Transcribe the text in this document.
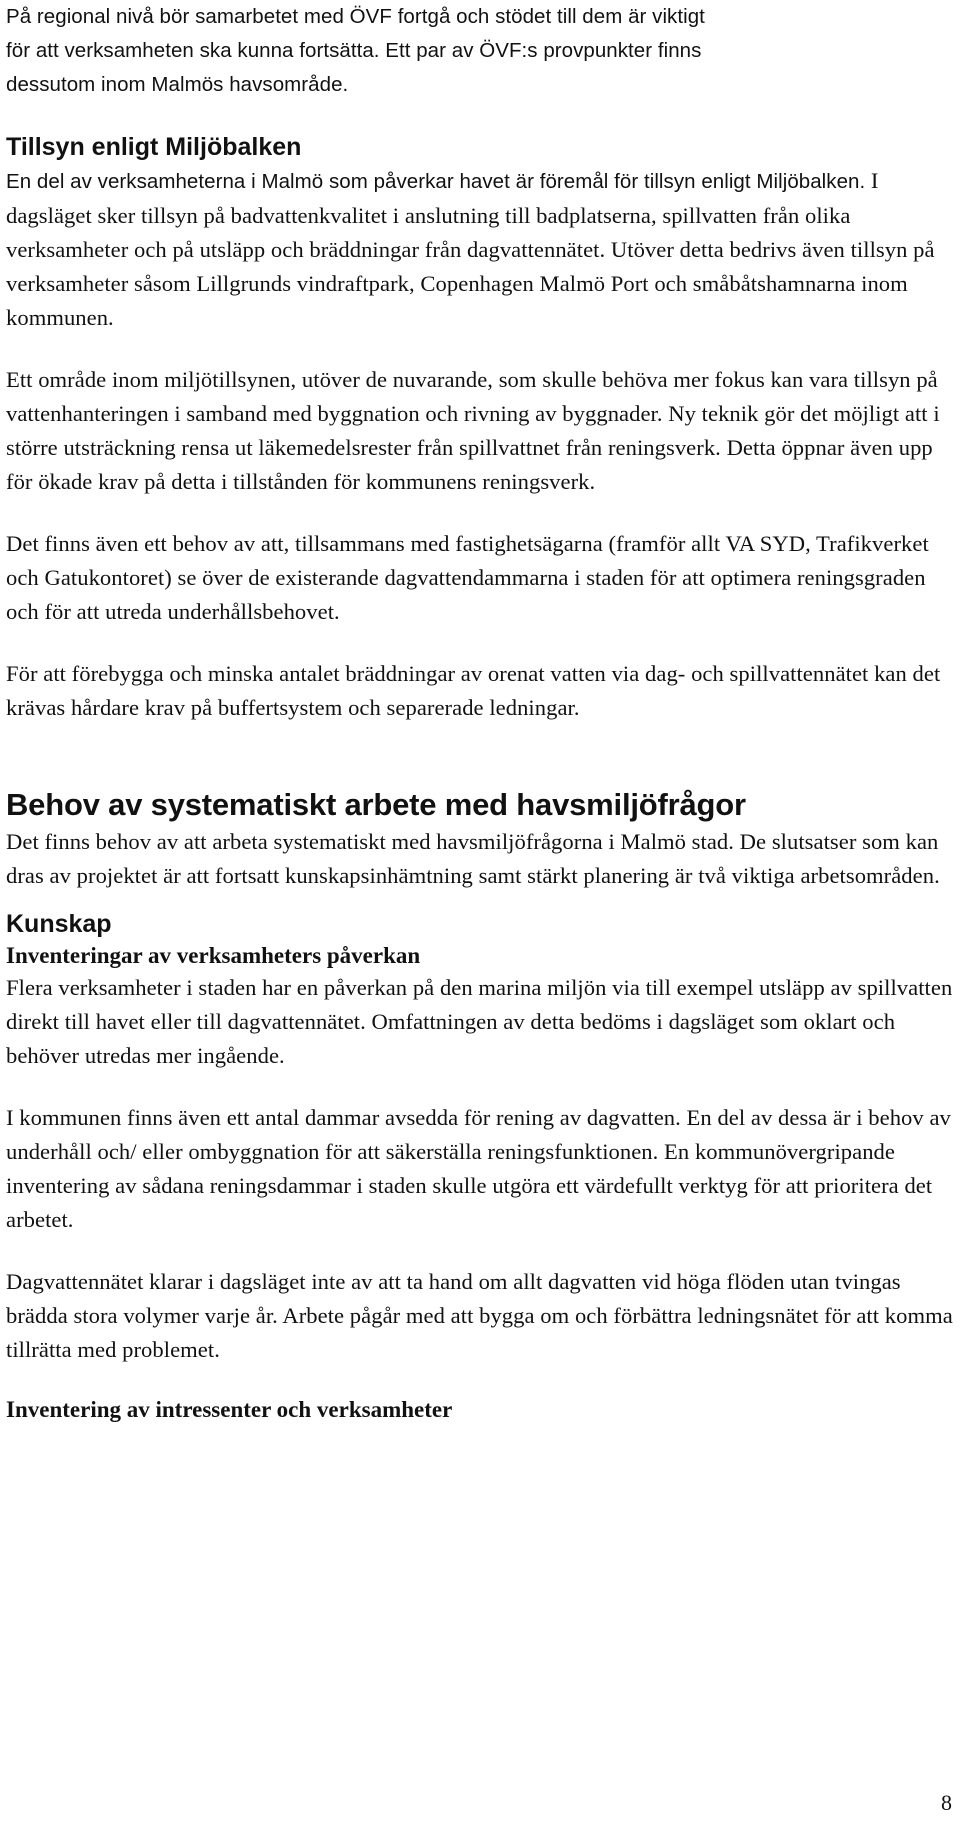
På regional nivå bör samarbetet med ÖVF fortgå och stödet till dem är viktigt
för att verksamheten ska kunna fortsätta. Ett par av ÖVF:s provpunkter finns
dessutom inom Malmös havsområde.

Tillsyn enligt Miljöbalken

En del av verksamheterna i Malmö som påverkar havet är föremål för tillsyn enligt Miljöbalken. I dagsläget sker tillsyn på badvattenkvalitet i anslutning till badplatserna, spillvatten från olika verksamheter och på utsläpp och bräddningar från dagvattennätet. Utöver detta bedrivs även tillsyn på verksamheter såsom Lillgrunds vindraftpark, Copenhagen Malmö Port och småbåtshamnarna inom kommunen.

Ett område inom miljötillsynen, utöver de nuvarande, som skulle behöva mer fokus kan vara tillsyn på vattenhanteringen i samband med byggnation och rivning av byggnader. Ny teknik gör det möjligt att i större utsträckning rensa ut läkemedelsrester från spillvattnet från reningsverk. Detta öppnar även upp för ökade krav på detta i tillstånden för kommunens reningsverk.

Det finns även ett behov av att, tillsammans med fastighetsägarna (framför allt VA SYD, Trafikverket och Gatukontoret) se över de existerande dagvattendammarna i staden för att optimera reningsgraden och för att utreda underhållsbehovet.

För att förebygga och minska antalet bräddningar av orenat vatten via dag- och spillvattennätet kan det krävas hårdare krav på buffertsystem och separerade ledningar.

Behov av systematiskt arbete med havsmiljöfrågor

Det finns behov av att arbeta systematiskt med havsmiljöfrågorna i Malmö stad. De slutsatser som kan dras av projektet är att fortsatt kunskapsinhämtning samt stärkt planering är två viktiga arbetsområden.

Kunskap
Inventeringar av verksamheters påverkan

Flera verksamheter i staden har en påverkan på den marina miljön via till exempel utsläpp av spillvatten direkt till havet eller till dagvattennätet. Omfattningen av detta bedöms i dagsläget som oklart och behöver utredas mer ingående.

I kommunen finns även ett antal dammar avsedda för rening av dagvatten. En del av dessa är i behov av underhåll och/ eller ombyggnation för att säkerställa reningsfunktionen. En kommunövergripande inventering av sådana reningsdammar i staden skulle utgöra ett värdefullt verktyg för att prioritera det arbetet.

Dagvattennätet klarar i dagsläget inte av att ta hand om allt dagvatten vid höga flöden utan tvingas brädda stora volymer varje år. Arbete pågår med att bygga om och förbättra ledningsnätet för att komma tillrätta med problemet.

Inventering av intressenter och verksamheter
8
